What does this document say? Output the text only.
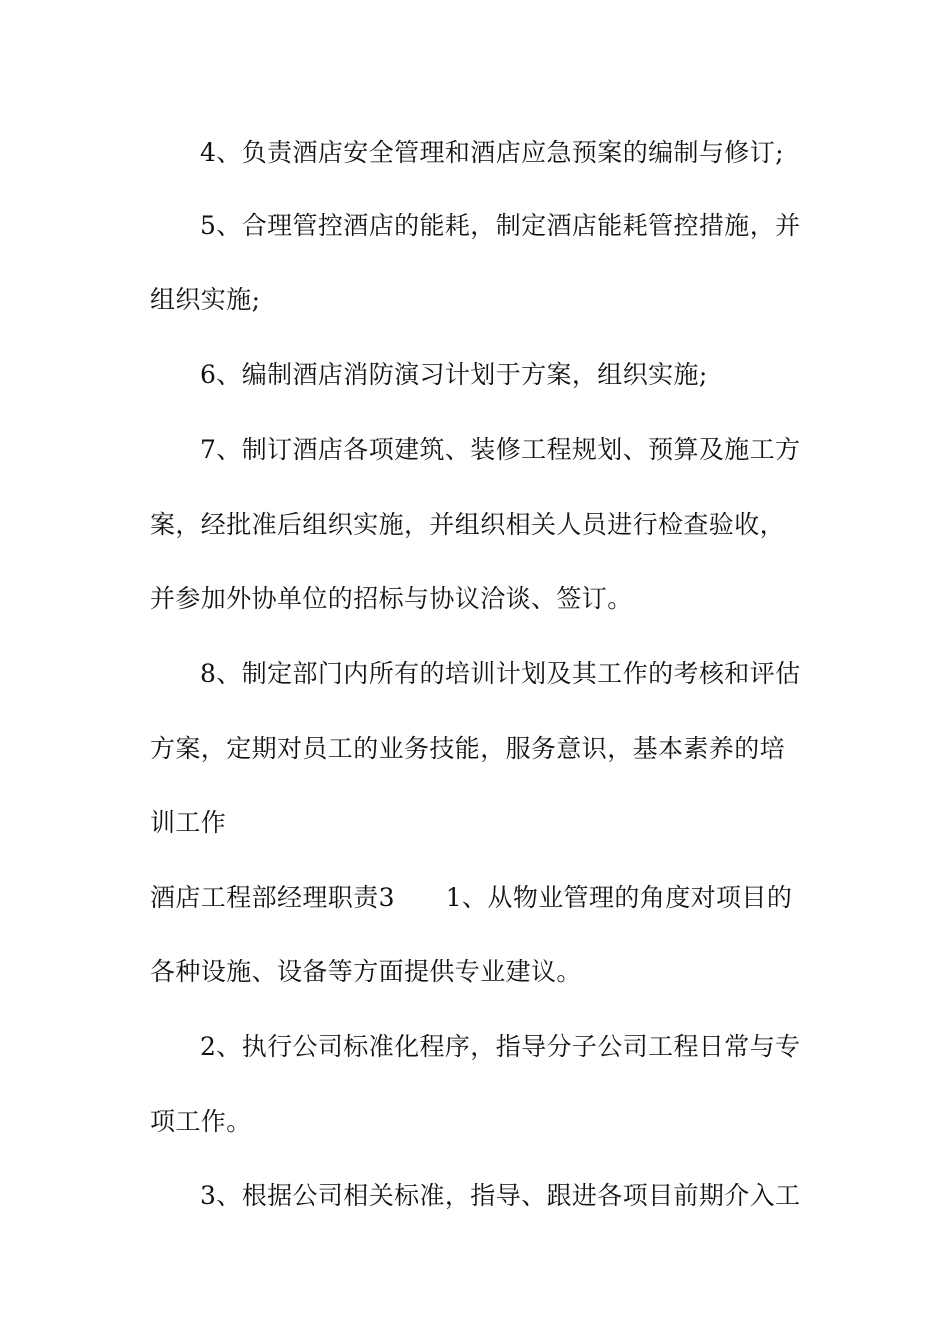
4、负责酒店安全管理和酒店应急预案的编制与修订;
5、合理管控酒店的能耗，制定酒店能耗管控措施，并
组织实施;
6、编制酒店消防演习计划于方案，组织实施;
7、制订酒店各项建筑、装修工程规划、预算及施工方
案，经批准后组织实施，并组织相关人员进行检查验收，
并参加外协单位的招标与协议洽谈、签订。
8、制定部门内所有的培训计划及其工作的考核和评估
方案，定期对员工的业务技能，服务意识，基本素养的培
训工作
酒店工程部经理职责3　　1、从物业管理的角度对项目的
各种设施、设备等方面提供专业建议。
2、执行公司标准化程序，指导分子公司工程日常与专
项工作。
3、根据公司相关标准，指导、跟进各项目前期介入工
